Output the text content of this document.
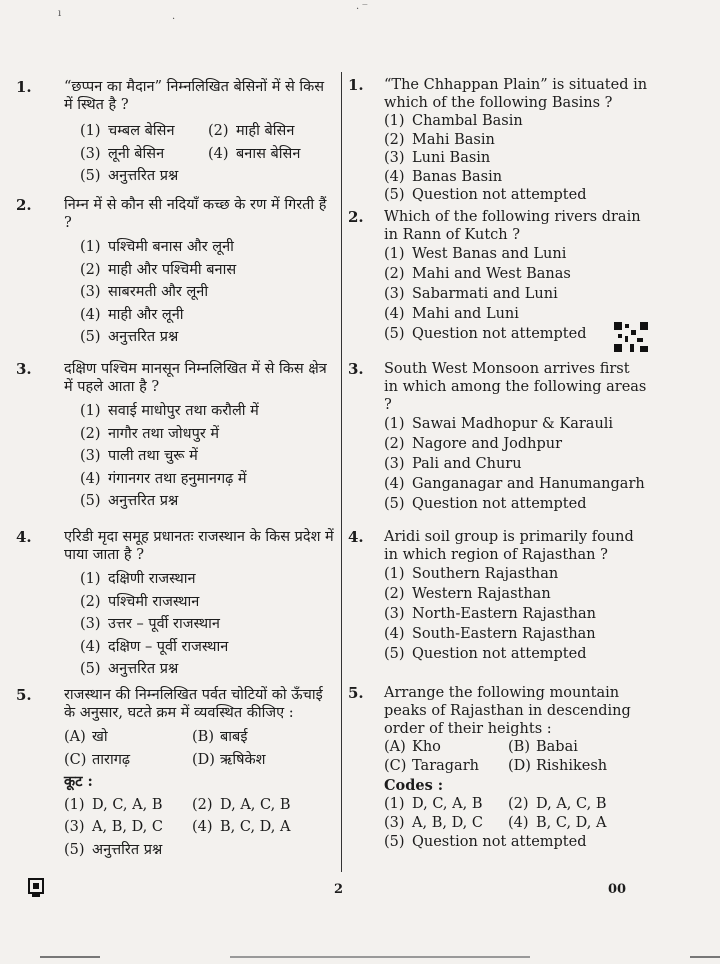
ı	· ‾
·
1. “छप्पन का मैदान” निम्नलिखित बेसिनों में से किस में स्थित है ?
(1) चम्बल बेसिन (2) माही बेसिन
(3) लूनी बेसिन	(4) बनास बेसिन
(5) अनुत्तरित प्रश्न
2. निम्न में से कौन सी नदियाँ कच्छ के रण में गिरती हैं ?
(1) पश्चिमी बनास और लूनी
(2) माही और पश्चिमी बनास
(3) साबरमती और लूनी
(4) माही और लूनी
(5) अनुत्तरित प्रश्न
3. दक्षिण पश्चिम मानसून निम्नलिखित में से किस क्षेत्र में पहले आता है ?
(1) सवाई माधोपुर तथा करौली में
(2) नागौर तथा जोधपुर में
(3) पाली तथा चुरू में
(4) गंगानगर तथा हनुमानगढ़ में
(5) अनुत्तरित प्रश्न
4. एरिडी मृदा समूह प्रधानतः राजस्थान के किस प्रदेश में पाया जाता है ?
(1) दक्षिणी राजस्थान
(2) पश्चिमी राजस्थान
(3) उत्तर – पूर्वी राजस्थान
(4) दक्षिण – पूर्वी राजस्थान
(5) अनुत्तरित प्रश्न
5. राजस्थान की निम्नलिखित पर्वत चोटियों को ऊँचाई के अनुसार, घटते क्रम में व्यवस्थित कीजिए :
(A) खो	(B) बाबई
(C) तारागढ़	(D) ऋषिकेश
कूट :
(1) D, C, A, B (2) D, A, C, B
(3) A, B, D, C (4) B, C, D, A
(5) अनुत्तरित प्रश्न
1. “The Chhappan Plain” is situated in which of the following Basins ?
(1) Chambal Basin
(2) Mahi Basin
(3) Luni Basin
(4) Banas Basin
(5) Question not attempted
2. Which of the following rivers drain in Rann of Kutch ?
(1) West Banas and Luni
(2) Mahi and West Banas
(3) Sabarmati and Luni
(4) Mahi and Luni
(5) Question not attempted
3. South West Monsoon arrives first in which among the following areas ?
(1) Sawai Madhopur & Karauli
(2) Nagore and Jodhpur
(3) Pali and Churu
(4) Ganganagar and Hanumangarh
(5) Question not attempted
4. Aridi soil group is primarily found in which region of Rajasthan ?
(1) Southern Rajasthan
(2) Western Rajasthan
(3) North-Eastern Rajasthan
(4) South-Eastern Rajasthan
(5) Question not attempted
5. Arrange the following mountain peaks of Rajasthan in descending order of their heights :
(A) Kho	(B) Babai
(C) Taragarh (D) Rishikesh
Codes :
(1) D, C, A, B (2) D, A, C, B
(3) A, B, D, C (4) B, C, D, A
(5) Question not attempted
2	00
